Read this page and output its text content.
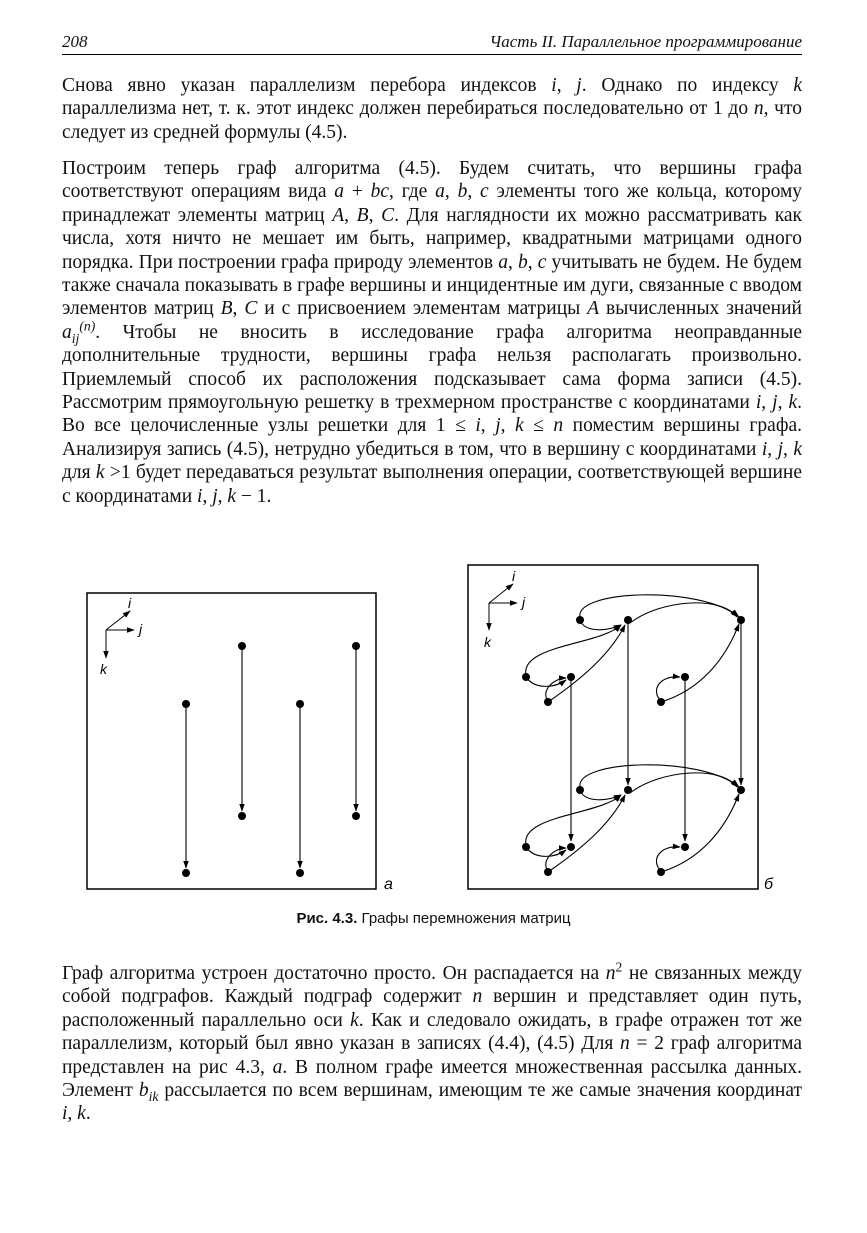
208	Часть II. Параллельное программирование

Снова явно указан параллелизм перебора индексов i, j. Однако по индексу k параллелизма нет, т. к. этот индекс должен перебираться последовательно от 1 до n, что следует из средней формулы (4.5).

Построим теперь граф алгоритма (4.5). Будем считать, что вершины графа соответствуют операциям вида a + bc, где a, b, c элементы того же кольца, которому принадлежат элементы матриц A, B, C. Для наглядности их можно рассматривать как числа, хотя ничто не мешает им быть, например, квадратными матрицами одного порядка. При построении графа природу элементов a, b, c учитывать не будем. Не будем также сначала показывать в графе вершины и инцидентные им дуги, связанные с вводом элементов матриц B, C и с присвоением элементам матрицы A вычисленных значений $a_{ij}^{(n)}$. Чтобы не вносить в исследование графа алгоритма неоправданные дополнительные трудности, вершины графа нельзя располагать произвольно. Приемлемый способ их расположения подсказывает сама форма записи (4.5). Рассмотрим прямоугольную решетку в трехмерном пространстве с координатами i, j, k. Во все целочисленные узлы решетки для 1 ≤ i, j, k ≤ n поместим вершины графа. Анализируя запись (4.5), нетрудно убедиться в том, что в вершину с координатами i, j, k для k >1 будет передаваться результат выполнения операции, соответствующей вершине с координатами i, j, k − 1.

i
j
k
а
i
j
k
б
Рис. 4.3. Графы перемножения матриц

Граф алгоритма устроен достаточно просто. Он распадается на $n^2$ не связанных между собой подграфов. Каждый подграф содержит n вершин и представляет один путь, расположенный параллельно оси k. Как и следовало ожидать, в графе отражен тот же параллелизм, который был явно указан в записях (4.4), (4.5) Для n = 2 граф алгоритма представлен на рис 4.3, а. В полном графе имеется множественная рассылка данных. Элемент $b_{ik}$ рассылается по всем вершинам, имеющим те же самые значения координат i, k.
